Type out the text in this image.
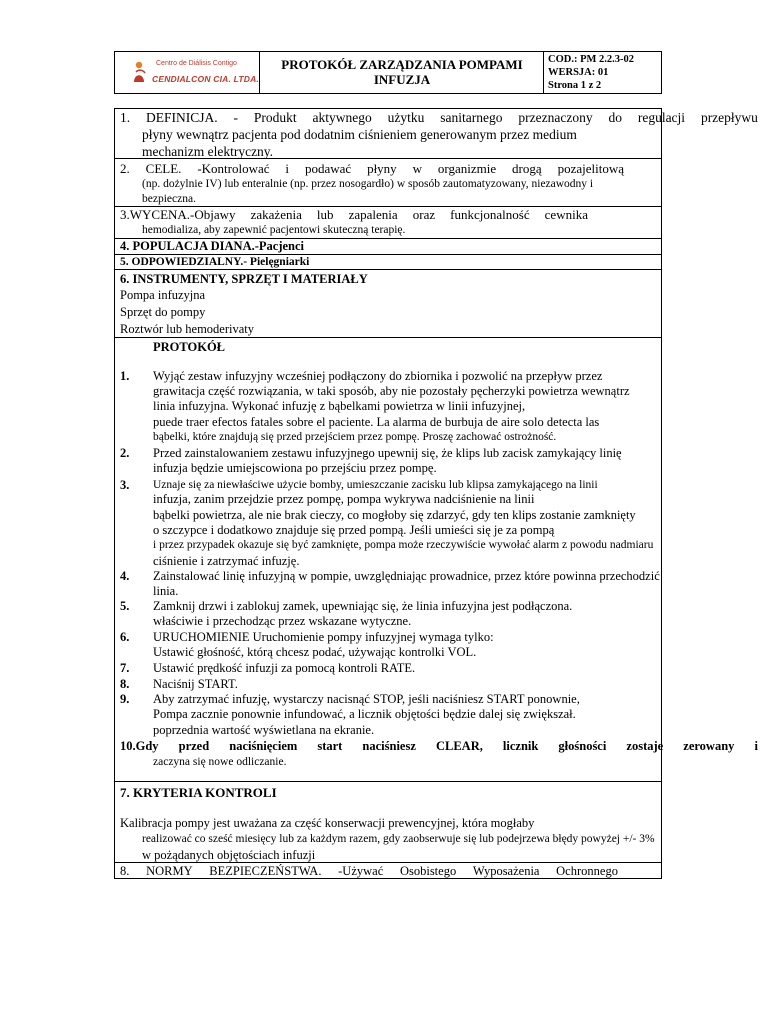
Centro de Diálisis Contigo
CENDIALCON CIA. LTDA.
PROTOKÓŁ ZARZĄDZANIA POMPAMI
INFUZJA
COD.: PM 2.2.3-02
WERSJA: 01
Strona 1 z 2
1. DEFINICJA. - Produkt aktywnego użytku sanitarnego przeznaczony do regulacji przepływu
płyny wewnątrz pacjenta pod dodatnim ciśnieniem generowanym przez medium
mechanizm elektryczny.
2. CELE. -Kontrolować i podawać płyny w organizmie drogą pozajelitową
(np. dożylnie IV) lub enteralnie (np. przez nosogardło) w sposób zautomatyzowany, niezawodny i
bezpieczna.
3.WYCENA.-Objawy zakażenia lub zapalenia oraz funkcjonalność cewnika
hemodializa, aby zapewnić pacjentowi skuteczną terapię.
4. POPULACJA DIANA.-Pacjenci
5. ODPOWIEDZIALNY.- Pielęgniarki
6. INSTRUMENTY, SPRZĘT I MATERIAŁY
Pompa infuzyjna
Sprzęt do pompy
Roztwór lub hemoderivaty
PROTOKÓŁ
1. Wyjąć zestaw infuzyjny wcześniej podłączony do zbiornika i pozwolić na przepływ przez
grawitacja część rozwiązania, w taki sposób, aby nie pozostały pęcherzyki powietrza wewnątrz
linia infuzyjna. Wykonać infuzję z bąbelkami powietrza w linii infuzyjnej,
puede traer efectos fatales sobre el paciente. La alarma de burbuja de aire solo detecta las
bąbelki, które znajdują się przed przejściem przez pompę. Proszę zachować ostrożność.
2. Przed zainstalowaniem zestawu infuzyjnego upewnij się, że klips lub zacisk zamykający linię
infuzja będzie umiejscowiona po przejściu przez pompę.
3. Uznaje się za niewłaściwe użycie bomby, umieszczanie zacisku lub klipsa zamykającego na linii
infuzja, zanim przejdzie przez pompę, pompa wykrywa nadciśnienie na linii
bąbelki powietrza, ale nie brak cieczy, co mogłoby się zdarzyć, gdy ten klips zostanie zamknięty
o szczypce i dodatkowo znajduje się przed pompą. Jeśli umieści się je za pompą
i przez przypadek okazuje się być zamknięte, pompa może rzeczywiście wywołać alarm z powodu nadmiaru
ciśnienie i zatrzymać infuzję.
4. Zainstalować linię infuzyjną w pompie, uwzględniając prowadnice, przez które powinna przechodzić
linia.
5. Zamknij drzwi i zablokuj zamek, upewniając się, że linia infuzyjna jest podłączona.
właściwie i przechodząc przez wskazane wytyczne.
6. URUCHOMIENIE Uruchomienie pompy infuzyjnej wymaga tylko:
Ustawić głośność, którą chcesz podać, używając kontrolki VOL.
7. Ustawić prędkość infuzji za pomocą kontroli RATE.
8. Naciśnij START.
9. Aby zatrzymać infuzję, wystarczy nacisnąć STOP, jeśli naciśniesz START ponownie,
Pompa zacznie ponownie infundować, a licznik objętości będzie dalej się zwiększał.
poprzednia wartość wyświetlana na ekranie.
10.Gdy przed naciśnięciem start naciśniesz CLEAR, licznik głośności zostaje zerowany i
zaczyna się nowe odliczanie.
7. KRYTERIA KONTROLI
Kalibracja pompy jest uważana za część konserwacji prewencyjnej, która mogłaby
realizować co sześć miesięcy lub za każdym razem, gdy zaobserwuje się lub podejrzewa błędy powyżej +/- 3%
w pożądanych objętościach infuzji
8. NORMY BEZPIECZEŃSTWA. -Używać Osobistego Wyposażenia Ochronnego
